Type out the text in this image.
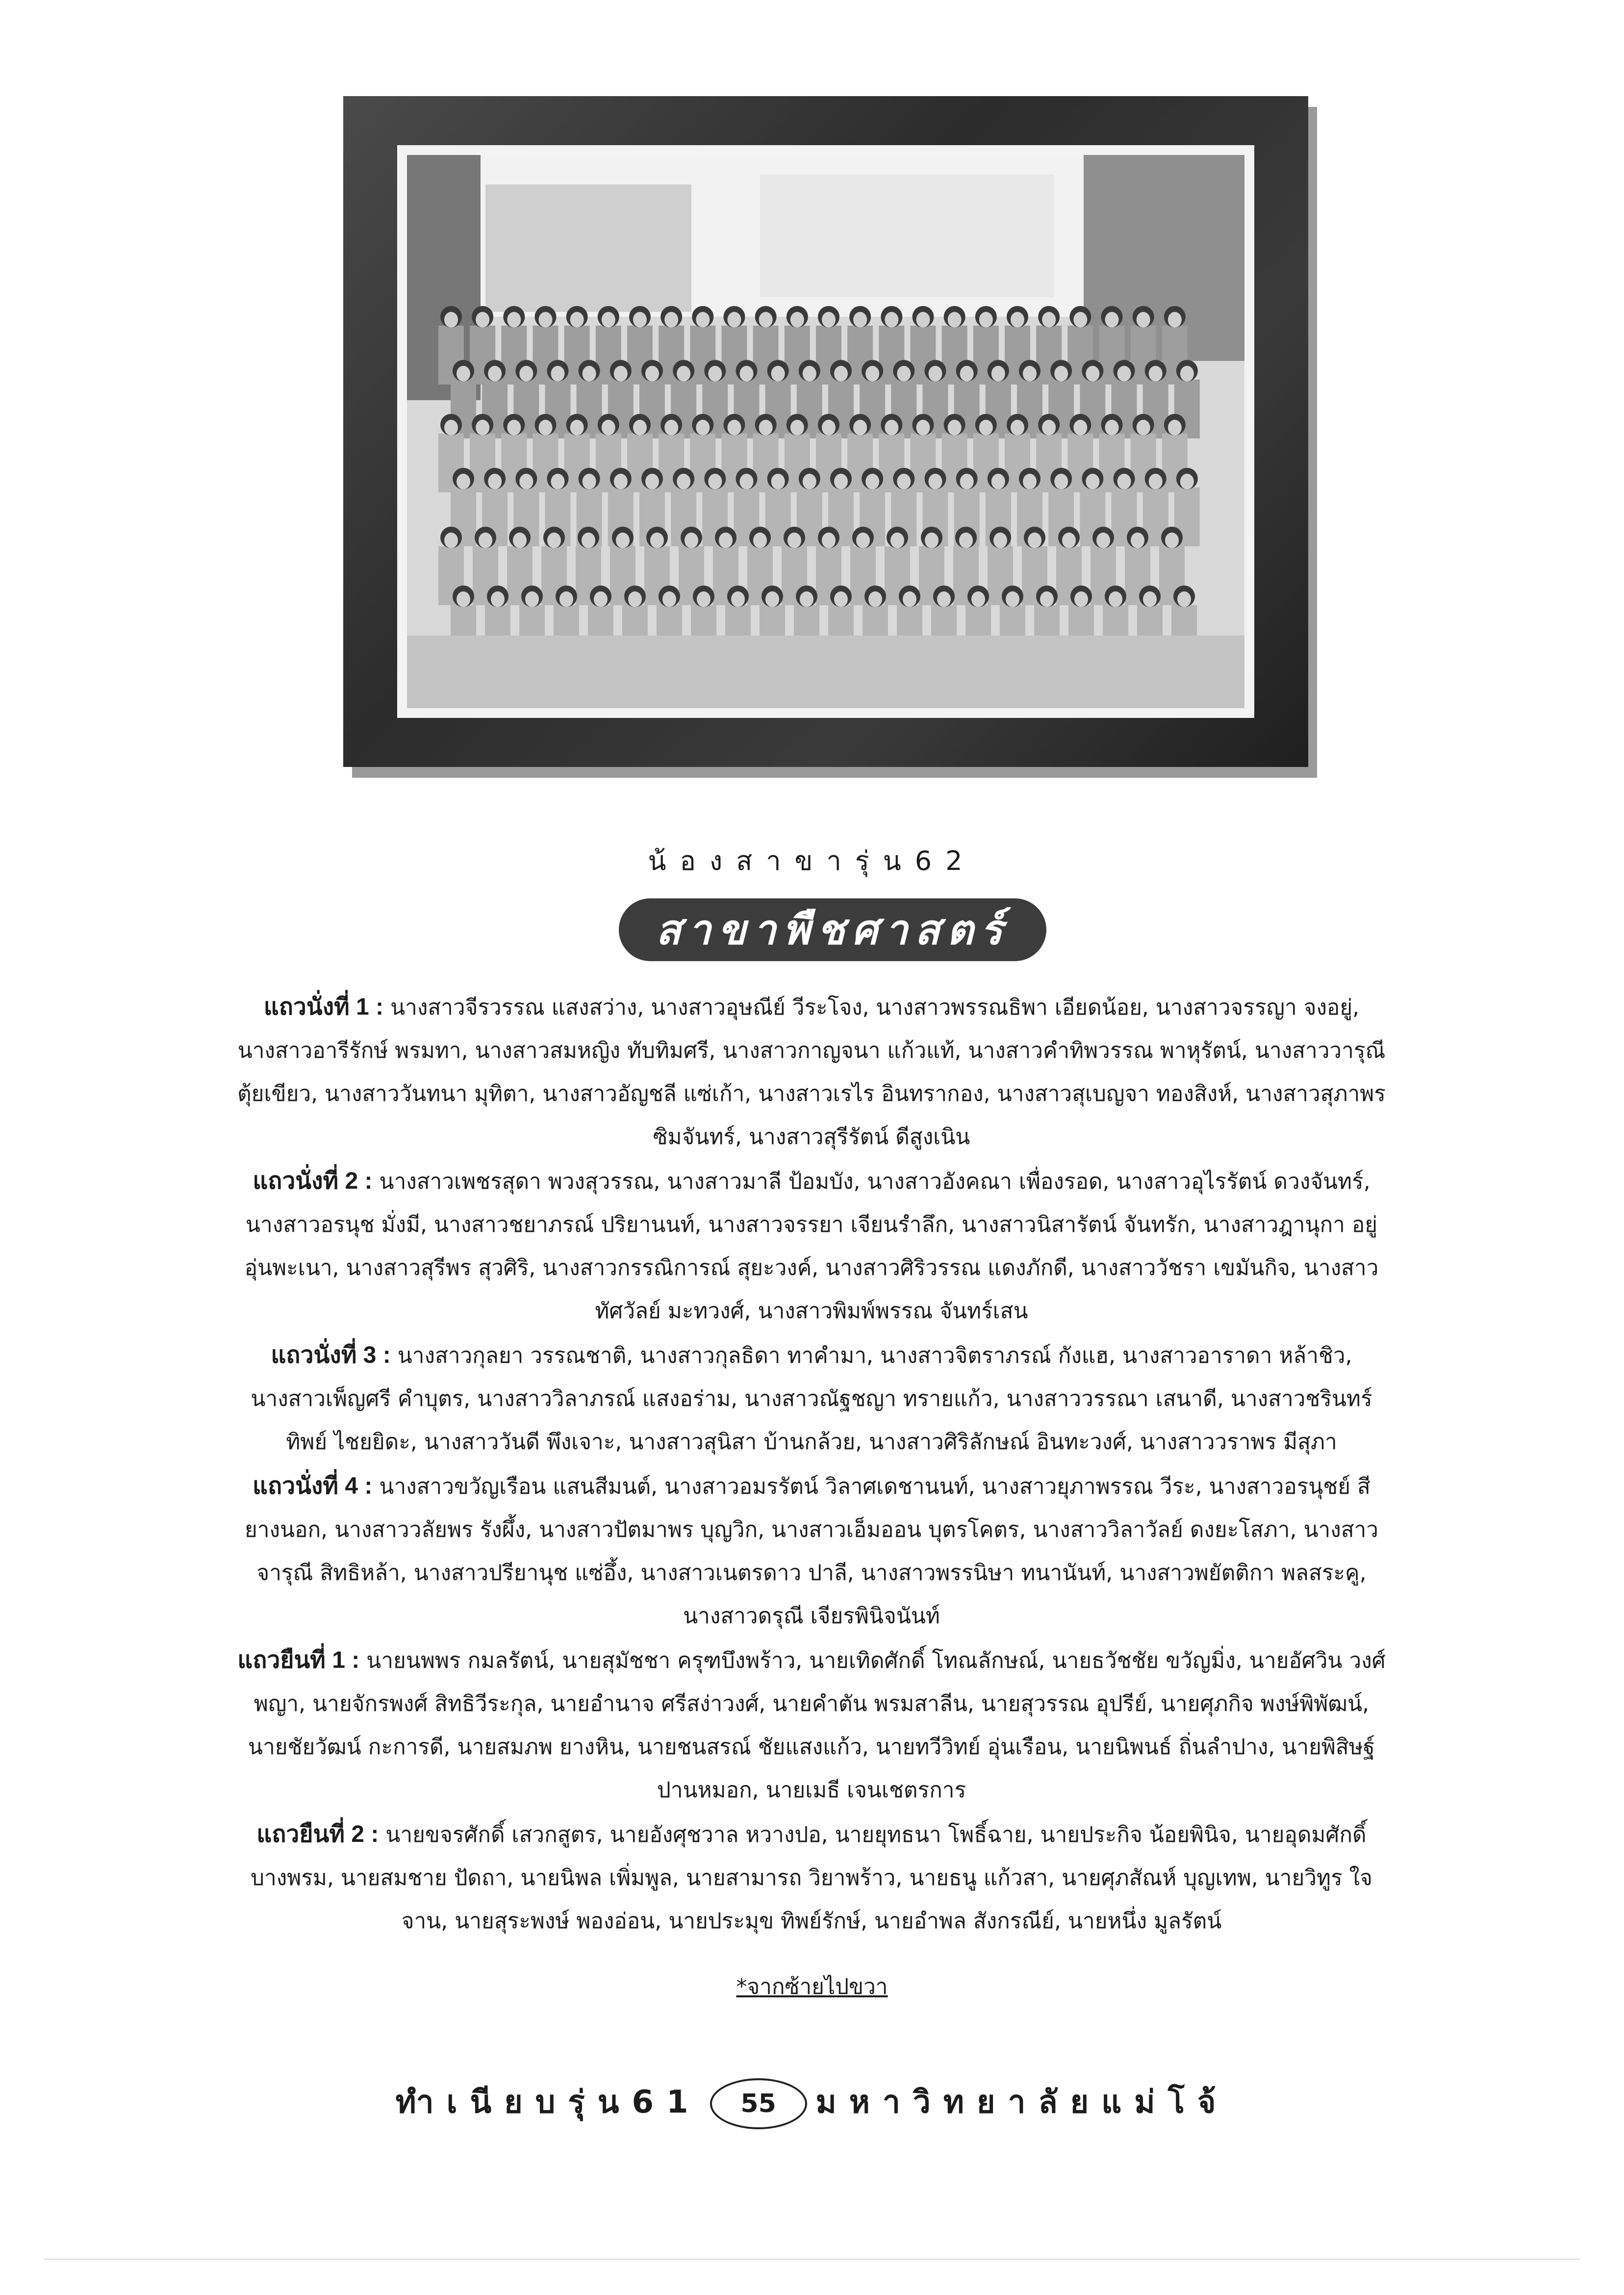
น้องสาขารุ่น62
สาขาพืชศาสตร์

แถวนั่งที่ 1 : นางสาวจีรวรรณ แสงสว่าง, นางสาวอุษณีย์ วีระโจง, นางสาวพรรณธิพา เอียดน้อย, นางสาวจรรญา จงอยู่, นางสาวอารีรักษ์ พรมทา, นางสาวสมหญิง ทับทิมศรี, นางสาวกาญจนา แก้วแท้, นางสาวคำทิพวรรณ พาหุรัตน์, นางสาววารุณี ตุ้ยเขียว, นางสาววันทนา มุทิตา, นางสาวอัญชลี แซ่เก้า, นางสาวเรไร อินทรากอง, นางสาวสุเบญจา ทองสิงห์, นางสาวสุภาพร ซิมจันทร์, นางสาวสุรีรัตน์ ดีสูงเนิน

แถวนั่งที่ 2 : นางสาวเพชรสุดา พวงสุวรรณ, นางสาวมาลี ป้อมบัง, นางสาวอังคณา เพื่องรอด, นางสาวอุไรรัตน์ ดวงจันทร์, นางสาวอรนุช มั่งมี, นางสาวชยาภรณ์ ปริยานนท์, นางสาวจรรยา เจียนรำลึก, นางสาวนิสารัตน์ จันทรัก, นางสาวฎานุกา อยู่อุ่นพะเนา, นางสาวสุรีพร สุวศิริ, นางสาวกรรณิการณ์ สุยะวงค์, นางสาวศิริวรรณ แดงภักดี, นางสาววัชรา เขมันกิจ, นางสาวทัศวัลย์ มะทวงศ์, นางสาวพิมพ์พรรณ จันทร์เสน

แถวนั่งที่ 3 : นางสาวกุลยา วรรณชาติ, นางสาวกุลธิดา ทาคำมา, นางสาวจิตราภรณ์ กังแฮ, นางสาวอาราดา หล้าชิว, นางสาวเพ็ญศรี คำบุตร, นางสาววิลาภรณ์ แสงอร่าม, นางสาวณัฐชญา ทรายแก้ว, นางสาววรรณา เสนาดี, นางสาวชรินทร์ทิพย์ ไชยยิดะ, นางสาววันดี พึงเจาะ, นางสาวสุนิสา บ้านกล้วย, นางสาวศิริลักษณ์ อินทะวงศ์, นางสาววราพร มีสุภา

แถวนั่งที่ 4 : นางสาวขวัญเรือน แสนสีมนต์, นางสาวอมรรัตน์ วิลาศเดชานนท์, นางสาวยุภาพรรณ วีระ, นางสาวอรนุชย์ สียางนอก, นางสาววลัยพร รังผึ้ง, นางสาวปัตมาพร บุญวิก, นางสาวเอ็มออน บุตรโคตร, นางสาววิลาวัลย์ ดงยะโสภา, นางสาวจารุณี สิทธิหล้า, นางสาวปรียานุช แซ่อึ้ง, นางสาวเนตรดาว ปาลี, นางสาวพรรนิษา ทนานันท์, นางสาวพยัตติกา พลสระคู, นางสาวดรุณี เจียรพินิจนันท์

แถวยืนที่ 1 : นายนพพร กมลรัตน์, นายสุมัชชา ครุฑบึงพร้าว, นายเทิดศักดิ์ โทณลักษณ์, นายธวัชชัย ขวัญมิ่ง, นายอัศวิน วงศ์พญา, นายจักรพงศ์ สิทธิวีระกุล, นายอำนาจ ศรีสง่าวงศ์, นายคำตัน พรมสาลีน, นายสุวรรณ อุปรีย์, นายศุภกิจ พงษ์พิพัฒน์, นายชัยวัฒน์ กะการดี, นายสมภพ ยางหิน, นายชนสรณ์ ชัยแสงแก้ว, นายทวีวิทย์ อุ่นเรือน, นายนิพนธ์ ถิ่นลำปาง, นายพิสิษฐ์ ปานหมอก, นายเมธี เจนเชตรการ

แถวยืนที่ 2 : นายขจรศักดิ์ เสวกสูตร, นายอังศุชวาล หวางปอ, นายยุทธนา โพธิ์ฉาย, นายประกิจ น้อยพินิจ, นายอุดมศักดิ์ บางพรม, นายสมชาย ปัดถา, นายนิพล เพิ่มพูล, นายสามารถ วิยาพร้าว, นายธนู แก้วสา, นายศุภสัณห์ บุญเทพ, นายวิทูร ใจจาน, นายสุระพงษ์ พองอ่อน, นายประมุข ทิพย์รักษ์, นายอำพล สังกรณีย์, นายหนึ่ง มูลรัตน์

*จากซ้ายไปขวา
ทำเนียบรุ่น61 55 มหาวิทยาลัยแม่โจ้
